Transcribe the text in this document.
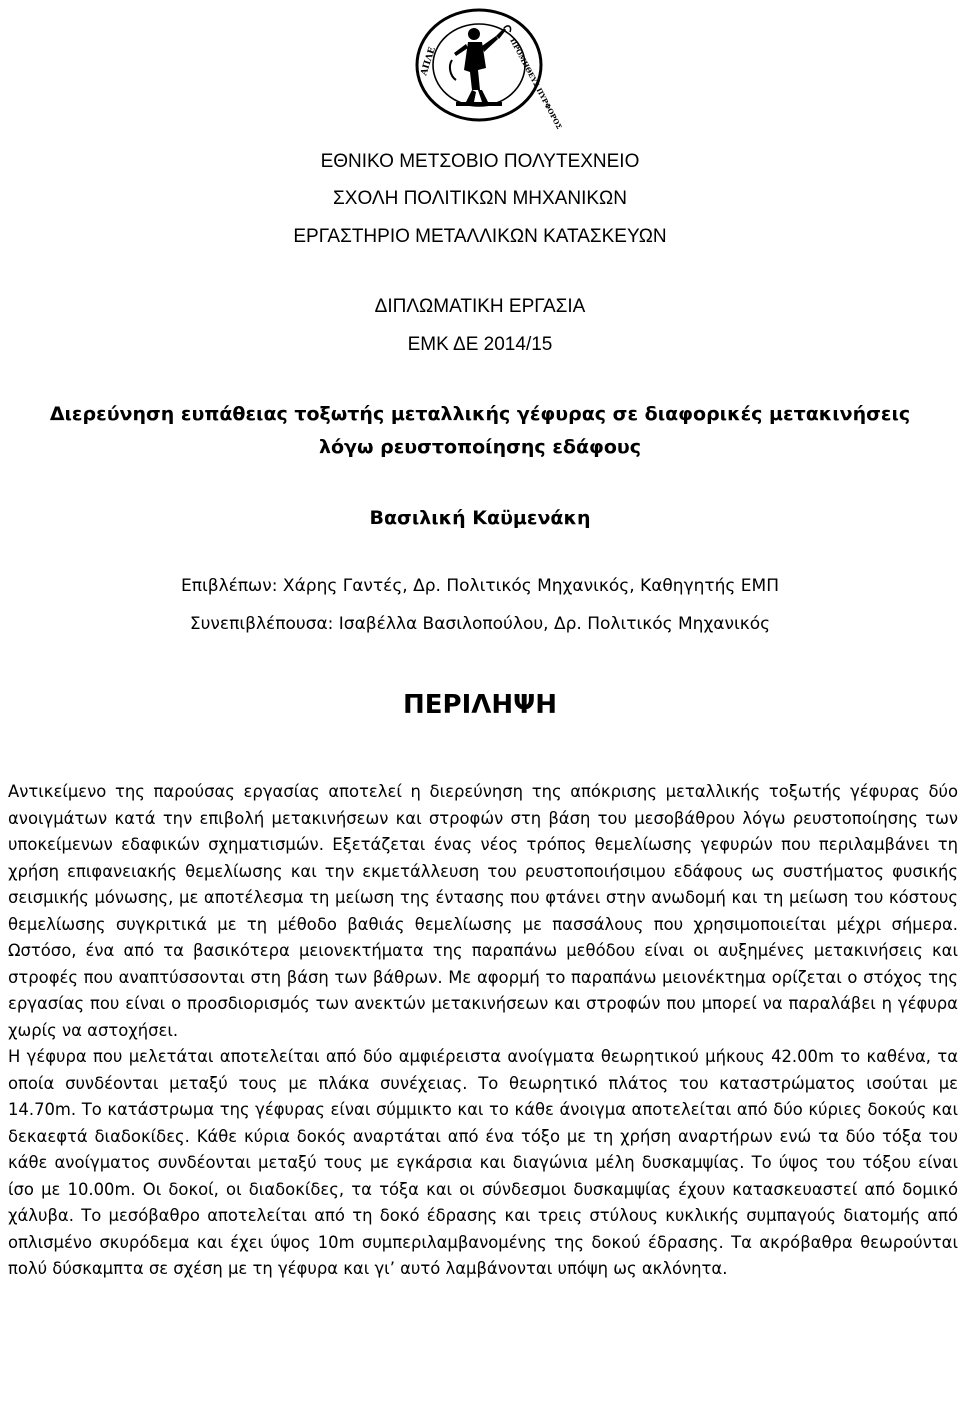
ΑΠΛΕ	ΠΡΟΜΗΘΕΥΣ ΠΥΡΦΟΡΟΣ
ΕΘΝΙΚΟ ΜΕΤΣΟΒΙΟ ΠΟΛΥΤΕΧΝΕΙΟ
ΣΧΟΛΗ ΠΟΛΙΤΙΚΩΝ ΜΗΧΑΝΙΚΩΝ
ΕΡΓΑΣΤΗΡΙΟ ΜΕΤΑΛΛΙΚΩΝ ΚΑΤΑΣΚΕΥΩΝ
ΔΙΠΛΩΜΑΤΙΚΗ ΕΡΓΑΣΙΑ
ΕΜΚ ΔΕ 2014/15
Διερεύνηση ευπάθειας τοξωτής μεταλλικής γέφυρας σε διαφορικές μετακινήσεις
λόγω ρευστοποίησης εδάφους
Βασιλική Καϋμενάκη
Επιβλέπων: Χάρης Γαντές, Δρ. Πολιτικός Μηχανικός, Καθηγητής ΕΜΠ
Συνεπιβλέπουσα: Ισαβέλλα Βασιλοπούλου, Δρ. Πολιτικός Μηχανικός
ΠΕΡΙΛΗΨΗ

Αντικείμενο της παρούσας εργασίας αποτελεί η διερεύνηση της απόκρισης μεταλλικής τοξωτής γέφυρας δύο ανοιγμάτων κατά την επιβολή μετακινήσεων και στροφών στη βάση του μεσοβάθρου λόγω ρευστοποίησης των υποκείμενων εδαφικών σχηματισμών. Εξετάζεται ένας νέος τρόπος θεμελίωσης γεφυρών που περιλαμβάνει τη χρήση επιφανειακής θεμελίωσης και την εκμετάλλευση του ρευστοποιήσιμου εδάφους ως συστήματος φυσικής σεισμικής μόνωσης, με αποτέλεσμα τη μείωση της έντασης που φτάνει στην ανωδομή και τη μείωση του κόστους θεμελίωσης συγκριτικά με τη μέθοδο βαθιάς θεμελίωσης με πασσάλους που χρησιμοποιείται μέχρι σήμερα. Ωστόσο, ένα από τα βασικότερα μειονεκτήματα της παραπάνω μεθόδου είναι οι αυξημένες μετακινήσεις και στροφές που αναπτύσσονται στη βάση των βάθρων. Με αφορμή το παραπάνω μειονέκτημα ορίζεται ο στόχος της εργασίας που είναι ο προσδιορισμός των ανεκτών μετακινήσεων και στροφών που μπορεί να παραλάβει η γέφυρα χωρίς να αστοχήσει.

Η γέφυρα που μελετάται αποτελείται από δύο αμφιέρειστα ανοίγματα θεωρητικού μήκους 42.00m το καθένα, τα οποία συνδέονται μεταξύ τους με πλάκα συνέχειας. Το θεωρητικό πλάτος του καταστρώματος ισούται με 14.70m. Το κατάστρωμα της γέφυρας είναι σύμμικτο και το κάθε άνοιγμα αποτελείται από δύο κύριες δοκούς και δεκαεφτά διαδοκίδες. Κάθε κύρια δοκός αναρτάται από ένα τόξο με τη χρήση αναρτήρων ενώ τα δύο τόξα του κάθε ανοίγματος συνδέονται μεταξύ τους με εγκάρσια και διαγώνια μέλη δυσκαμψίας. Το ύψος του τόξου είναι ίσο με 10.00m. Οι δοκοί, οι διαδοκίδες, τα τόξα και οι σύνδεσμοι δυσκαμψίας έχουν κατασκευαστεί από δομικό χάλυβα. Το μεσόβαθρο αποτελείται από τη δοκό έδρασης και τρεις στύλους κυκλικής συμπαγούς διατομής από οπλισμένο σκυρόδεμα και έχει ύψος 10m συμπεριλαμβανομένης της δοκού έδρασης. Τα ακρόβαθρα θεωρούνται πολύ δύσκαμπτα σε σχέση με τη γέφυρα και γι’ αυτό λαμβάνονται υπόψη ως ακλόνητα.
